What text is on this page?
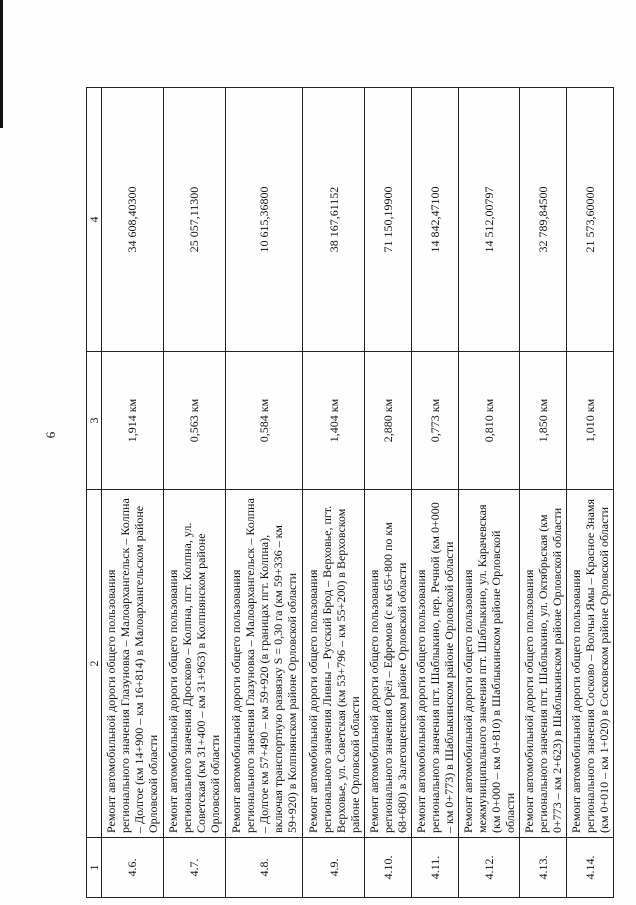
6
1	2	3	4
4.6.	Ремонт автомобильной дороги общего пользования регионального значения Глазуновка – Малоархангельск – Колпна – Долгое (км 14+900 – км 16+814) в Малоархангельском районе Орловской области	1,914 км	34 608,40300
4.7.	Ремонт автомобильной дороги общего пользования регионального значения Дросково – Колпна, пгт. Колпна, ул. Советская (км 31+400 – км 31+963) в Колпнянском районе Орловской области	0,563 км	25 057,11300
4.8.	Ремонт автомобильной дороги общего пользования регионального значения Глазуновка – Малоархангельск – Колпна – Долгое км 57+490 – км 59+920 (в границах пгт. Колпна), включая транспортную развязку S = 0,30 га (км 59+336 – км 59+920) в Колпнянском районе Орловской области	0,584 км	10 615,36800
4.9.	Ремонт автомобильной дороги общего пользования регионального значения Ливны – Русский Брод – Верховье, пгт. Верховье, ул. Советская (км 53+796 – км 55+200) в Верховском районе Орловской области	1,404 км	38 167,61152
4.10.	Ремонт автомобильной дороги общего пользования регионального значения Орёл – Ефремов (с км 65+800 по км 68+680) в Залегощенском районе Орловской области	2,880 км	71 150,19900
4.11.	Ремонт автомобильной дороги общего пользования регионального значения пгт. Шаблыкино, пер. Речной (км 0+000 – км 0+773) в Шаблыкинском районе Орловской области	0,773 км	14 842,47100
4.12.	Ремонт автомобильной дороги общего пользования межмуниципального значения пгт. Шаблыкино, ул. Карачевская (км 0+000 – км 0+810) в Шаблыкинском районе Орловской области	0,810 км	14 512,00797
4.13.	Ремонт автомобильной дороги общего пользования регионального значения пгт. Шаблыкино, ул. Октябрьская (км 0+773 – км 2+623) в Шаблыкинском районе Орловской области	1,850 км	32 789,84500
4.14.	Ремонт автомобильной дороги общего пользования регионального значения Сосково – Волчьи Ямы – Красное Знамя (км 0+010 – км 1+020) в Сосковском районе Орловской области	1,010 км	21 573,60000
